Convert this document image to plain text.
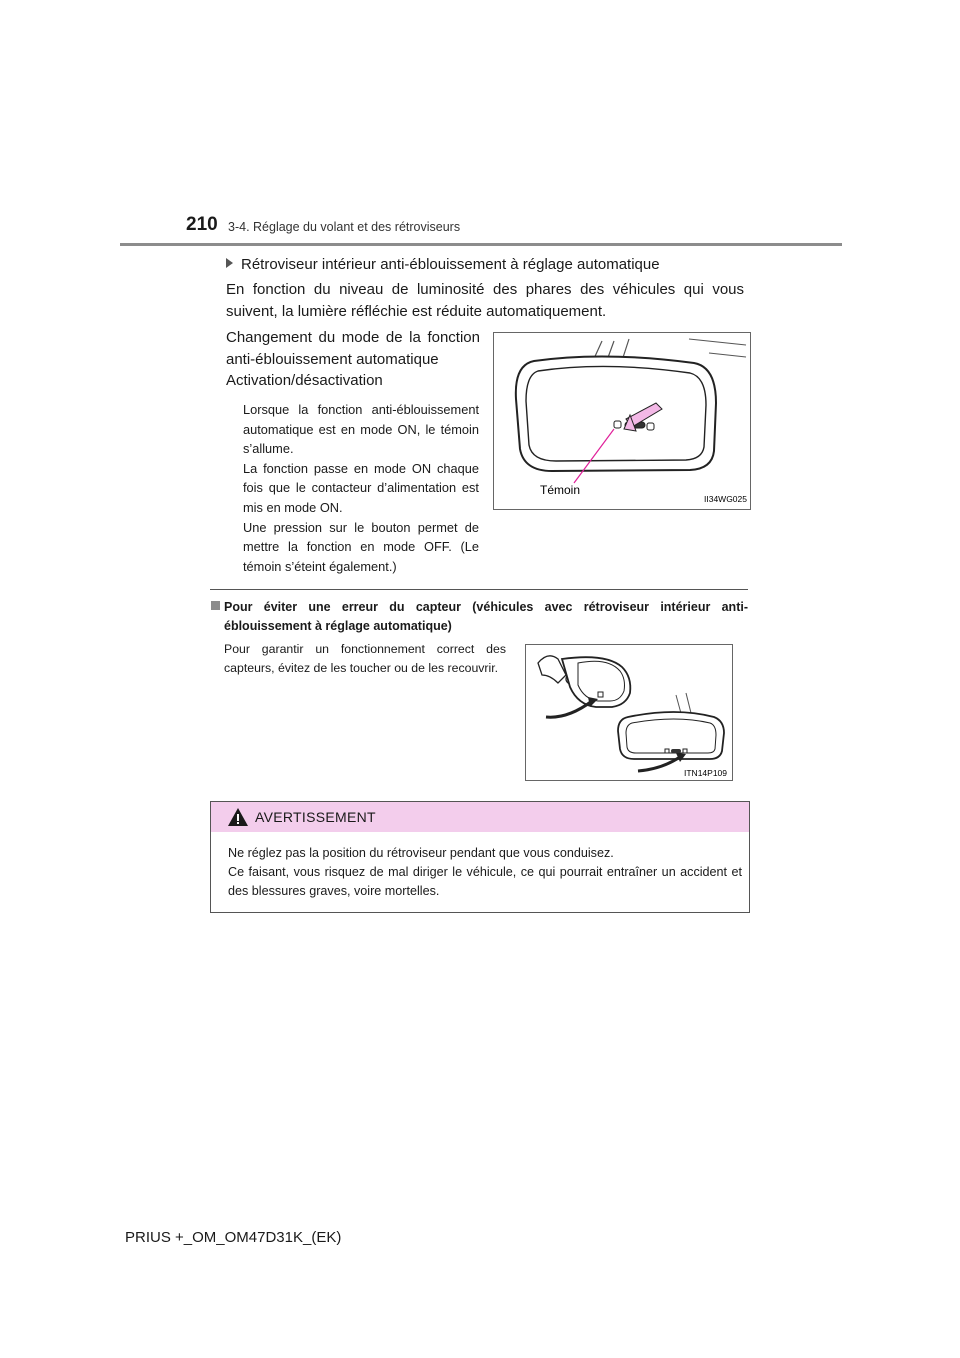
210 3-4. Réglage du volant et des rétroviseurs
Rétroviseur intérieur anti-éblouissement à réglage automatique
En fonction du niveau de luminosité des phares des véhicules qui vous suivent, la lumière réfléchie est réduite automatiquement.

Changement du mode de la fonction anti-éblouissement automatique

Activation/désactivation

Lorsque la fonction anti-éblouissement automatique est en mode ON, le témoin s’allume.

La fonction passe en mode ON chaque fois que le contacteur d’alimentation est mis en mode ON.

Une pression sur le bouton permet de mettre la fonction en mode OFF. (Le témoin s’éteint également.)

Témoin
II34WG025
Pour éviter une erreur du capteur (véhicules avec rétroviseur intérieur anti-éblouissement à réglage automatique)
Pour garantir un fonctionnement correct des capteurs, évitez de les toucher ou de les recouvrir.
ITN14P109
AVERTISSEMENT

Ne réglez pas la position du rétroviseur pendant que vous conduisez.

Ce faisant, vous risquez de mal diriger le véhicule, ce qui pourrait entraîner un accident et des blessures graves, voire mortelles.

PRIUS +_OM_OM47D31K_(EK)
